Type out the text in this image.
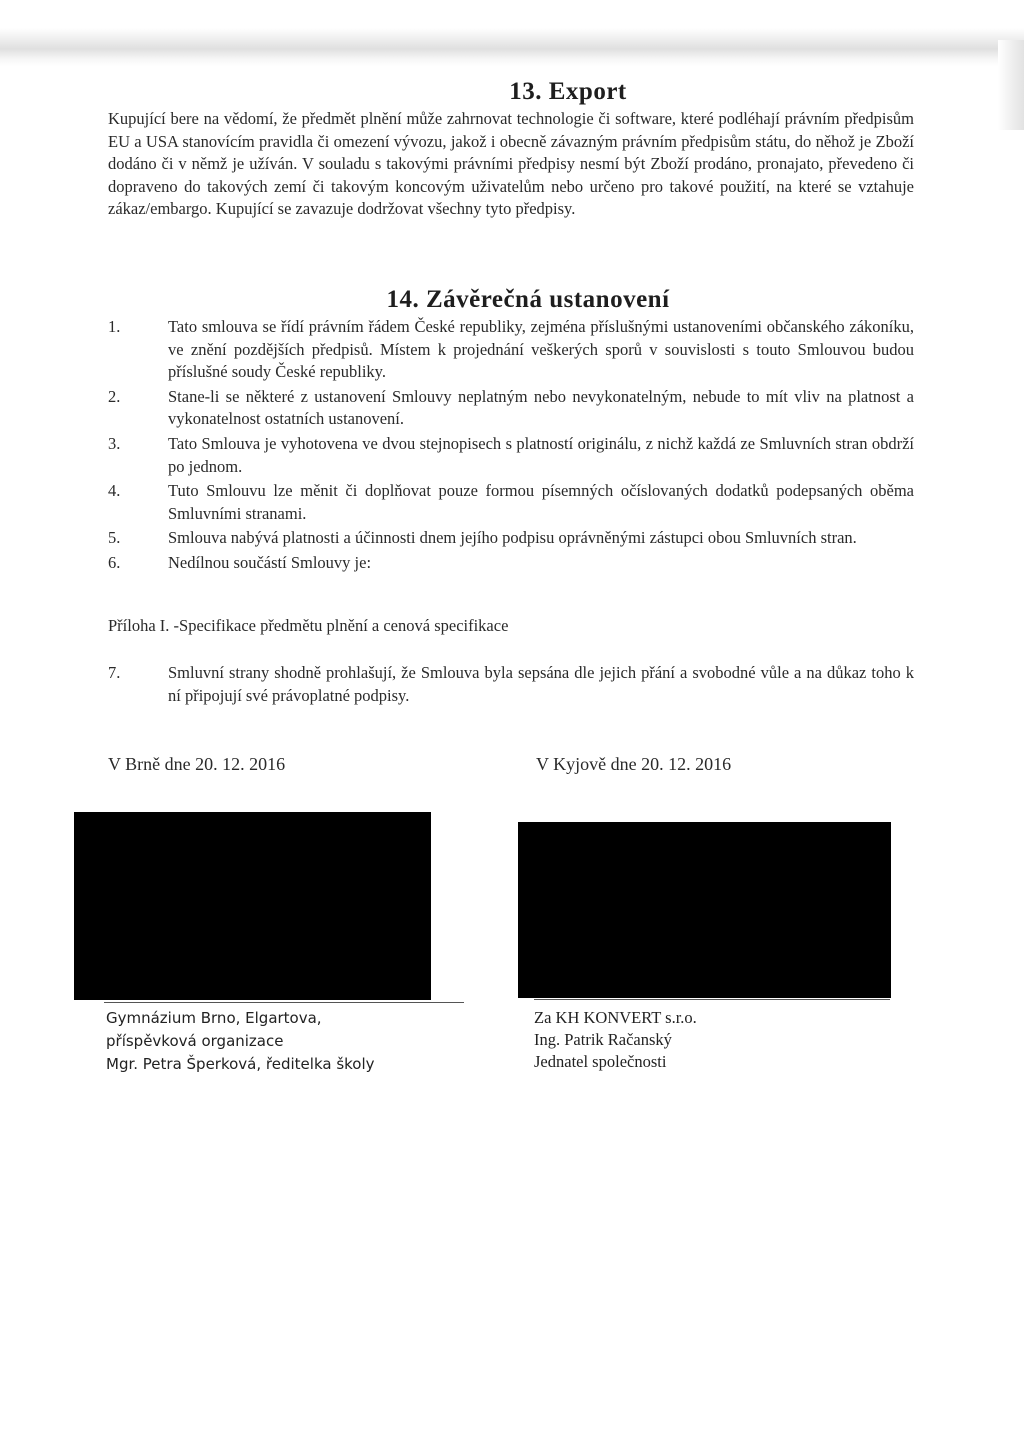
13. Export

Kupující bere na vědomí, že předmět plnění může zahrnovat technologie či software, které podléhají právním předpisům EU a USA stanovícím pravidla či omezení vývozu, jakož i obecně závazným právním předpisům státu, do něhož je Zboží dodáno či v němž je užíván. V souladu s takovými právními předpisy nesmí být Zboží prodáno, pronajato, převedeno či dopraveno do takových zemí či takovým koncovým uživatelům nebo určeno pro takové použití, na které se vztahuje zákaz/embargo. Kupující se zavazuje dodržovat všechny tyto předpisy.

14. Závěrečná ustanovení
1.	Tato smlouva se řídí právním řádem České republiky, zejména příslušnými ustanoveními občanského zákoníku, ve znění pozdějších předpisů. Místem k projednání veškerých sporů v souvislosti s touto Smlouvou budou příslušné soudy České republiky.
2.	Stane-li se některé z ustanovení Smlouvy neplatným nebo nevykonatelným, nebude to mít vliv na platnost a vykonatelnost ostatních ustanovení.
3.	Tato Smlouva je vyhotovena ve dvou stejnopisech s platností originálu, z nichž každá ze Smluvních stran obdrží po jednom.
4.	Tuto Smlouvu lze měnit či doplňovat pouze formou písemných očíslovaných dodatků podepsaných oběma Smluvními stranami.
5.	Smlouva nabývá platnosti a účinnosti dnem jejího podpisu oprávněnými zástupci obou Smluvních stran.
6.	Nedílnou součástí Smlouvy je:
Příloha I. -Specifikace předmětu plnění a cenová specifikace
7.	Smluvní strany shodně prohlašují, že Smlouva byla sepsána dle jejich přání a svobodné vůle a na důkaz toho k ní připojují své právoplatné podpisy.
V Brně dne 20. 12. 2016	V Kyjově dne 20. 12. 2016
Gymnázium Brno, Elgartova,
příspěvková organizace
Mgr. Petra Šperková, ředitelka školy
Za KH KONVERT s.r.o.
Ing. Patrik Račanský
Jednatel společnosti
